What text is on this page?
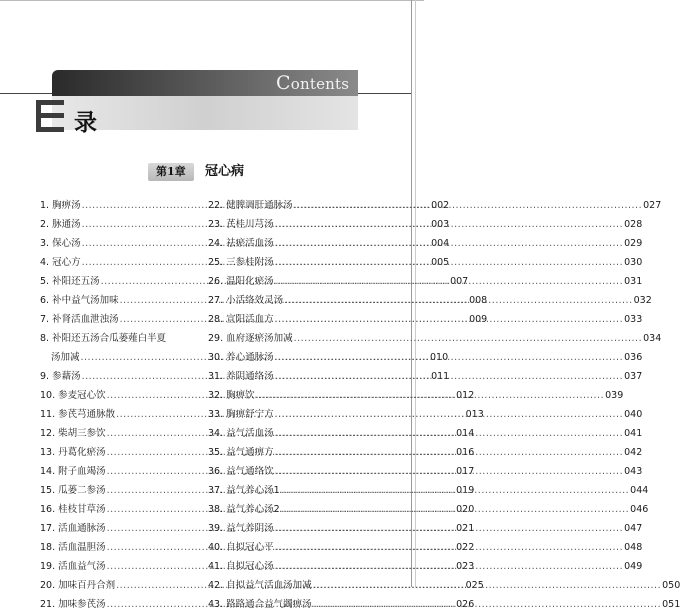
Contents
录
第1章	冠心病
1. 胸痹汤 .....	002
2. 脉通汤 .....	003
3. 保心汤 .....	004
4. 冠心方 .....	005
5. 补阳还五汤 .....	007
6. 补中益气汤加味 .....	008
7. 补肾活血泄浊汤 .....	009
8. 补阳还五汤合瓜蒌薤白半夏
汤加减 .....	010
9. 参藉汤 .....	011
10. 参麦冠心饮 .....	012
11. 参芪芎通脉散 .....	013
12. 柴胡三参饮 .....	014
13. 丹葛化瘀汤 .....	016
14. 附子血竭汤 .....	017
15. 瓜蒌二参汤 .....	019
16. 桂枝甘草汤 .....	020
17. 活血通脉汤 .....	021
18. 活血温胆汤 .....	022
19. 活血益气汤 .....	023
20. 加味百丹合剂 .....	025
21. 加味参芪汤 .....	026
22. 健脾调肝通脉汤 .....	027
23. 芪桂川芎汤 .....	028
24. 祛瘀活血汤 .....	029
25. 三参桂附汤 .....	030
26. 温阳化瘀汤 .....	031
27. 小活络效灵汤 .....	032
28. 宣阳活血方 .....	033
29. 血府逐瘀汤加减 .....	034
30. 养心通脉汤 .....	036
31. 养阴通络汤 .....	037
32. 胸痹饮 .....	039
33. 胸痹舒宁方 .....	040
34. 益气活血汤 .....	041
35. 益气通痹方 .....	042
36. 益气通络饮 .....	043
37. 益气养心汤1 .....	044
38. 益气养心汤2 .....	046
39. 益气养阴汤 .....	047
40. 自拟冠心平 .....	048
41. 自拟冠心汤 .....	049
42. 自拟益气活血汤加减 .....	050
43. 路路通合益气蠲痹汤 .....	051
